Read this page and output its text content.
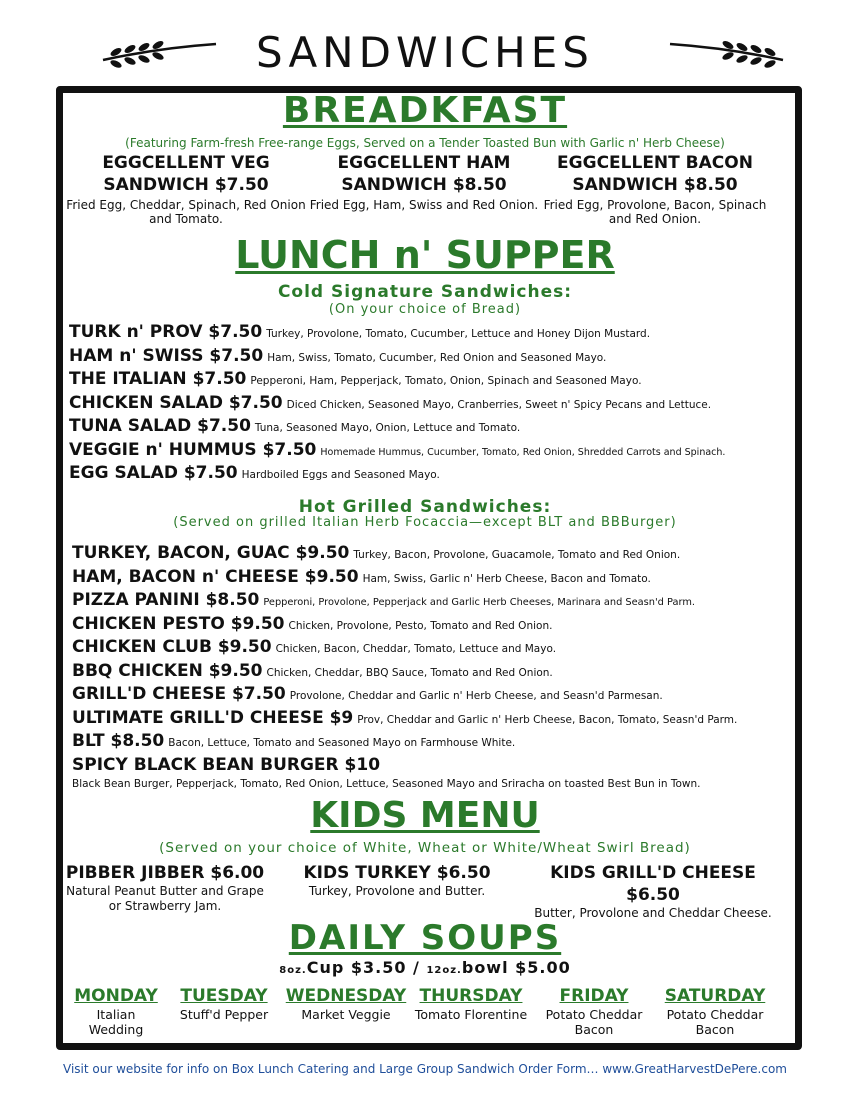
SANDWICHES
BREADKFAST
(Featuring Farm-fresh Free-range Eggs, Served on a Tender Toasted Bun with Garlic n' Herb Cheese)
EGGCELLENT VEG SANDWICH $7.50
Fried Egg, Cheddar, Spinach, Red Onion and Tomato.
EGGCELLENT HAM SANDWICH $8.50
Fried Egg, Ham, Swiss and Red Onion.
EGGCELLENT BACON SANDWICH $8.50
Fried Egg, Provolone, Bacon, Spinach and Red Onion.
LUNCH n' SUPPER
Cold Signature Sandwiches:
(On your choice of Bread)
TURK n' PROV $7.50 Turkey, Provolone, Tomato, Cucumber, Lettuce and Honey Dijon Mustard.
HAM n' SWISS $7.50 Ham, Swiss, Tomato, Cucumber, Red Onion and Seasoned Mayo.
THE ITALIAN $7.50 Pepperoni, Ham, Pepperjack, Tomato, Onion, Spinach and Seasoned Mayo.
CHICKEN SALAD $7.50 Diced Chicken, Seasoned Mayo, Cranberries, Sweet n' Spicy Pecans and Lettuce.
TUNA SALAD $7.50 Tuna, Seasoned Mayo, Onion, Lettuce and Tomato.
VEGGIE n' HUMMUS $7.50 Homemade Hummus, Cucumber, Tomato, Red Onion, Shredded Carrots and Spinach.
EGG SALAD $7.50 Hardboiled Eggs and Seasoned Mayo.
Hot Grilled Sandwiches:
(Served on grilled Italian Herb Focaccia—except BLT and BBBurger)
TURKEY, BACON, GUAC $9.50 Turkey, Bacon, Provolone, Guacamole, Tomato and Red Onion.
HAM, BACON n' CHEESE $9.50 Ham, Swiss, Garlic n' Herb Cheese, Bacon and Tomato.
PIZZA PANINI $8.50 Pepperoni, Provolone, Pepperjack and Garlic Herb Cheeses, Marinara and Seasn'd Parm.
CHICKEN PESTO $9.50 Chicken, Provolone, Pesto, Tomato and Red Onion.
CHICKEN CLUB $9.50 Chicken, Bacon, Cheddar, Tomato, Lettuce and Mayo.
BBQ CHICKEN $9.50 Chicken, Cheddar, BBQ Sauce, Tomato and Red Onion.
GRILL'D CHEESE $7.50 Provolone, Cheddar and Garlic n' Herb Cheese, and Seasn'd Parmesan.
ULTIMATE GRILL'D CHEESE $9 Prov, Cheddar and Garlic n' Herb Cheese, Bacon, Tomato, Seasn'd Parm.
BLT $8.50 Bacon, Lettuce, Tomato and Seasoned Mayo on Farmhouse White.
SPICY BLACK BEAN BURGER $10
Black Bean Burger, Pepperjack, Tomato, Red Onion, Lettuce, Seasoned Mayo and Sriracha on toasted Best Bun in Town.
KIDS MENU
(Served on your choice of White, Wheat or White/Wheat Swirl Bread)
PIBBER JIBBER $6.00
Natural Peanut Butter and Grape or Strawberry Jam.
KIDS TURKEY $6.50
Turkey, Provolone and Butter.
KIDS GRILL'D CHEESE $6.50
Butter, Provolone and Cheddar Cheese.
DAILY SOUPS
8oz.Cup $3.50 / 12oz.bowl $5.00
MONDAY
Italian Wedding
TUESDAY
Stuff'd Pepper
WEDNESDAY
Market Veggie
THURSDAY
Tomato Florentine
FRIDAY
Potato Cheddar Bacon
SATURDAY
Potato Cheddar Bacon
Visit our website for info on Box Lunch Catering and Large Group Sandwich Order Form… www.GreatHarvestDePere.com
